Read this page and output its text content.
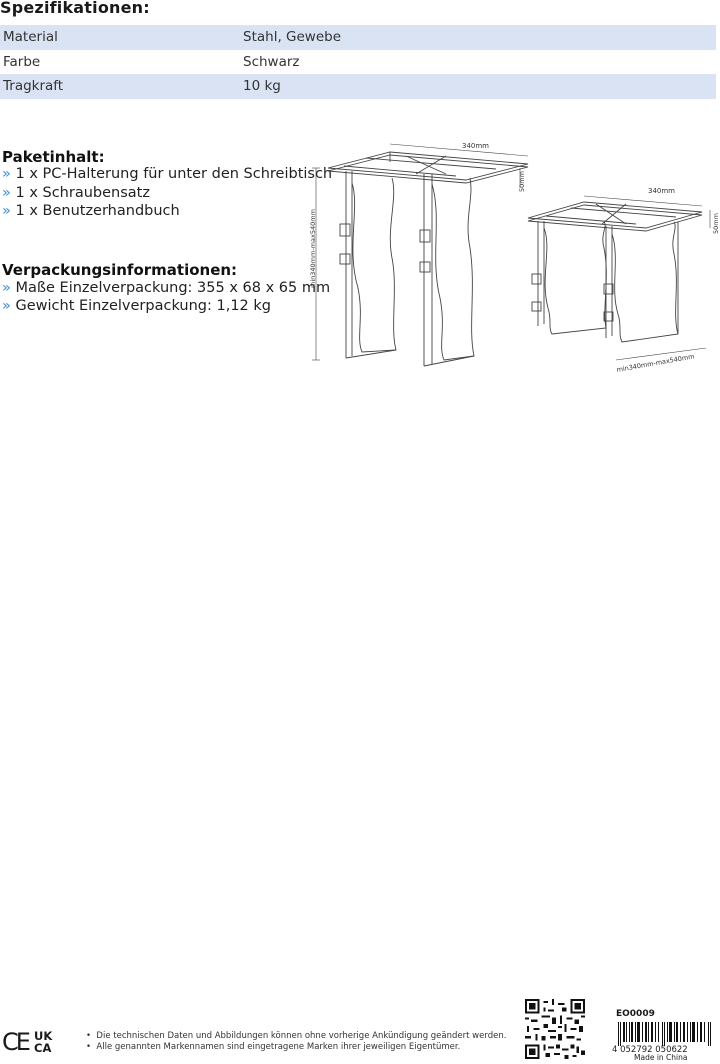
Spezifikationen:
Material	Stahl, Gewebe
Farbe	Schwarz
Tragkraft	10 kg
Paketinhalt:
» 1 x PC-Halterung für unter den Schreibtisch
» 1 x Schraubensatz
» 1 x Benutzerhandbuch
Verpackungsinformationen:
» Maße Einzelverpackung: 355 x 68 x 65 mm
» Gewicht Einzelverpackung: 1,12 kg
340mm
50mm
min340mm-max540mm
340mm
50mm
min340mm-max540mm
CE UK
CA
• Die technischen Daten und Abbildungen können ohne vorherige Ankündigung geändert werden.
• Alle genannten Markennamen sind eingetragene Marken ihrer jeweiligen Eigentümer.
EO0009
4 052792 050622
Made in China
